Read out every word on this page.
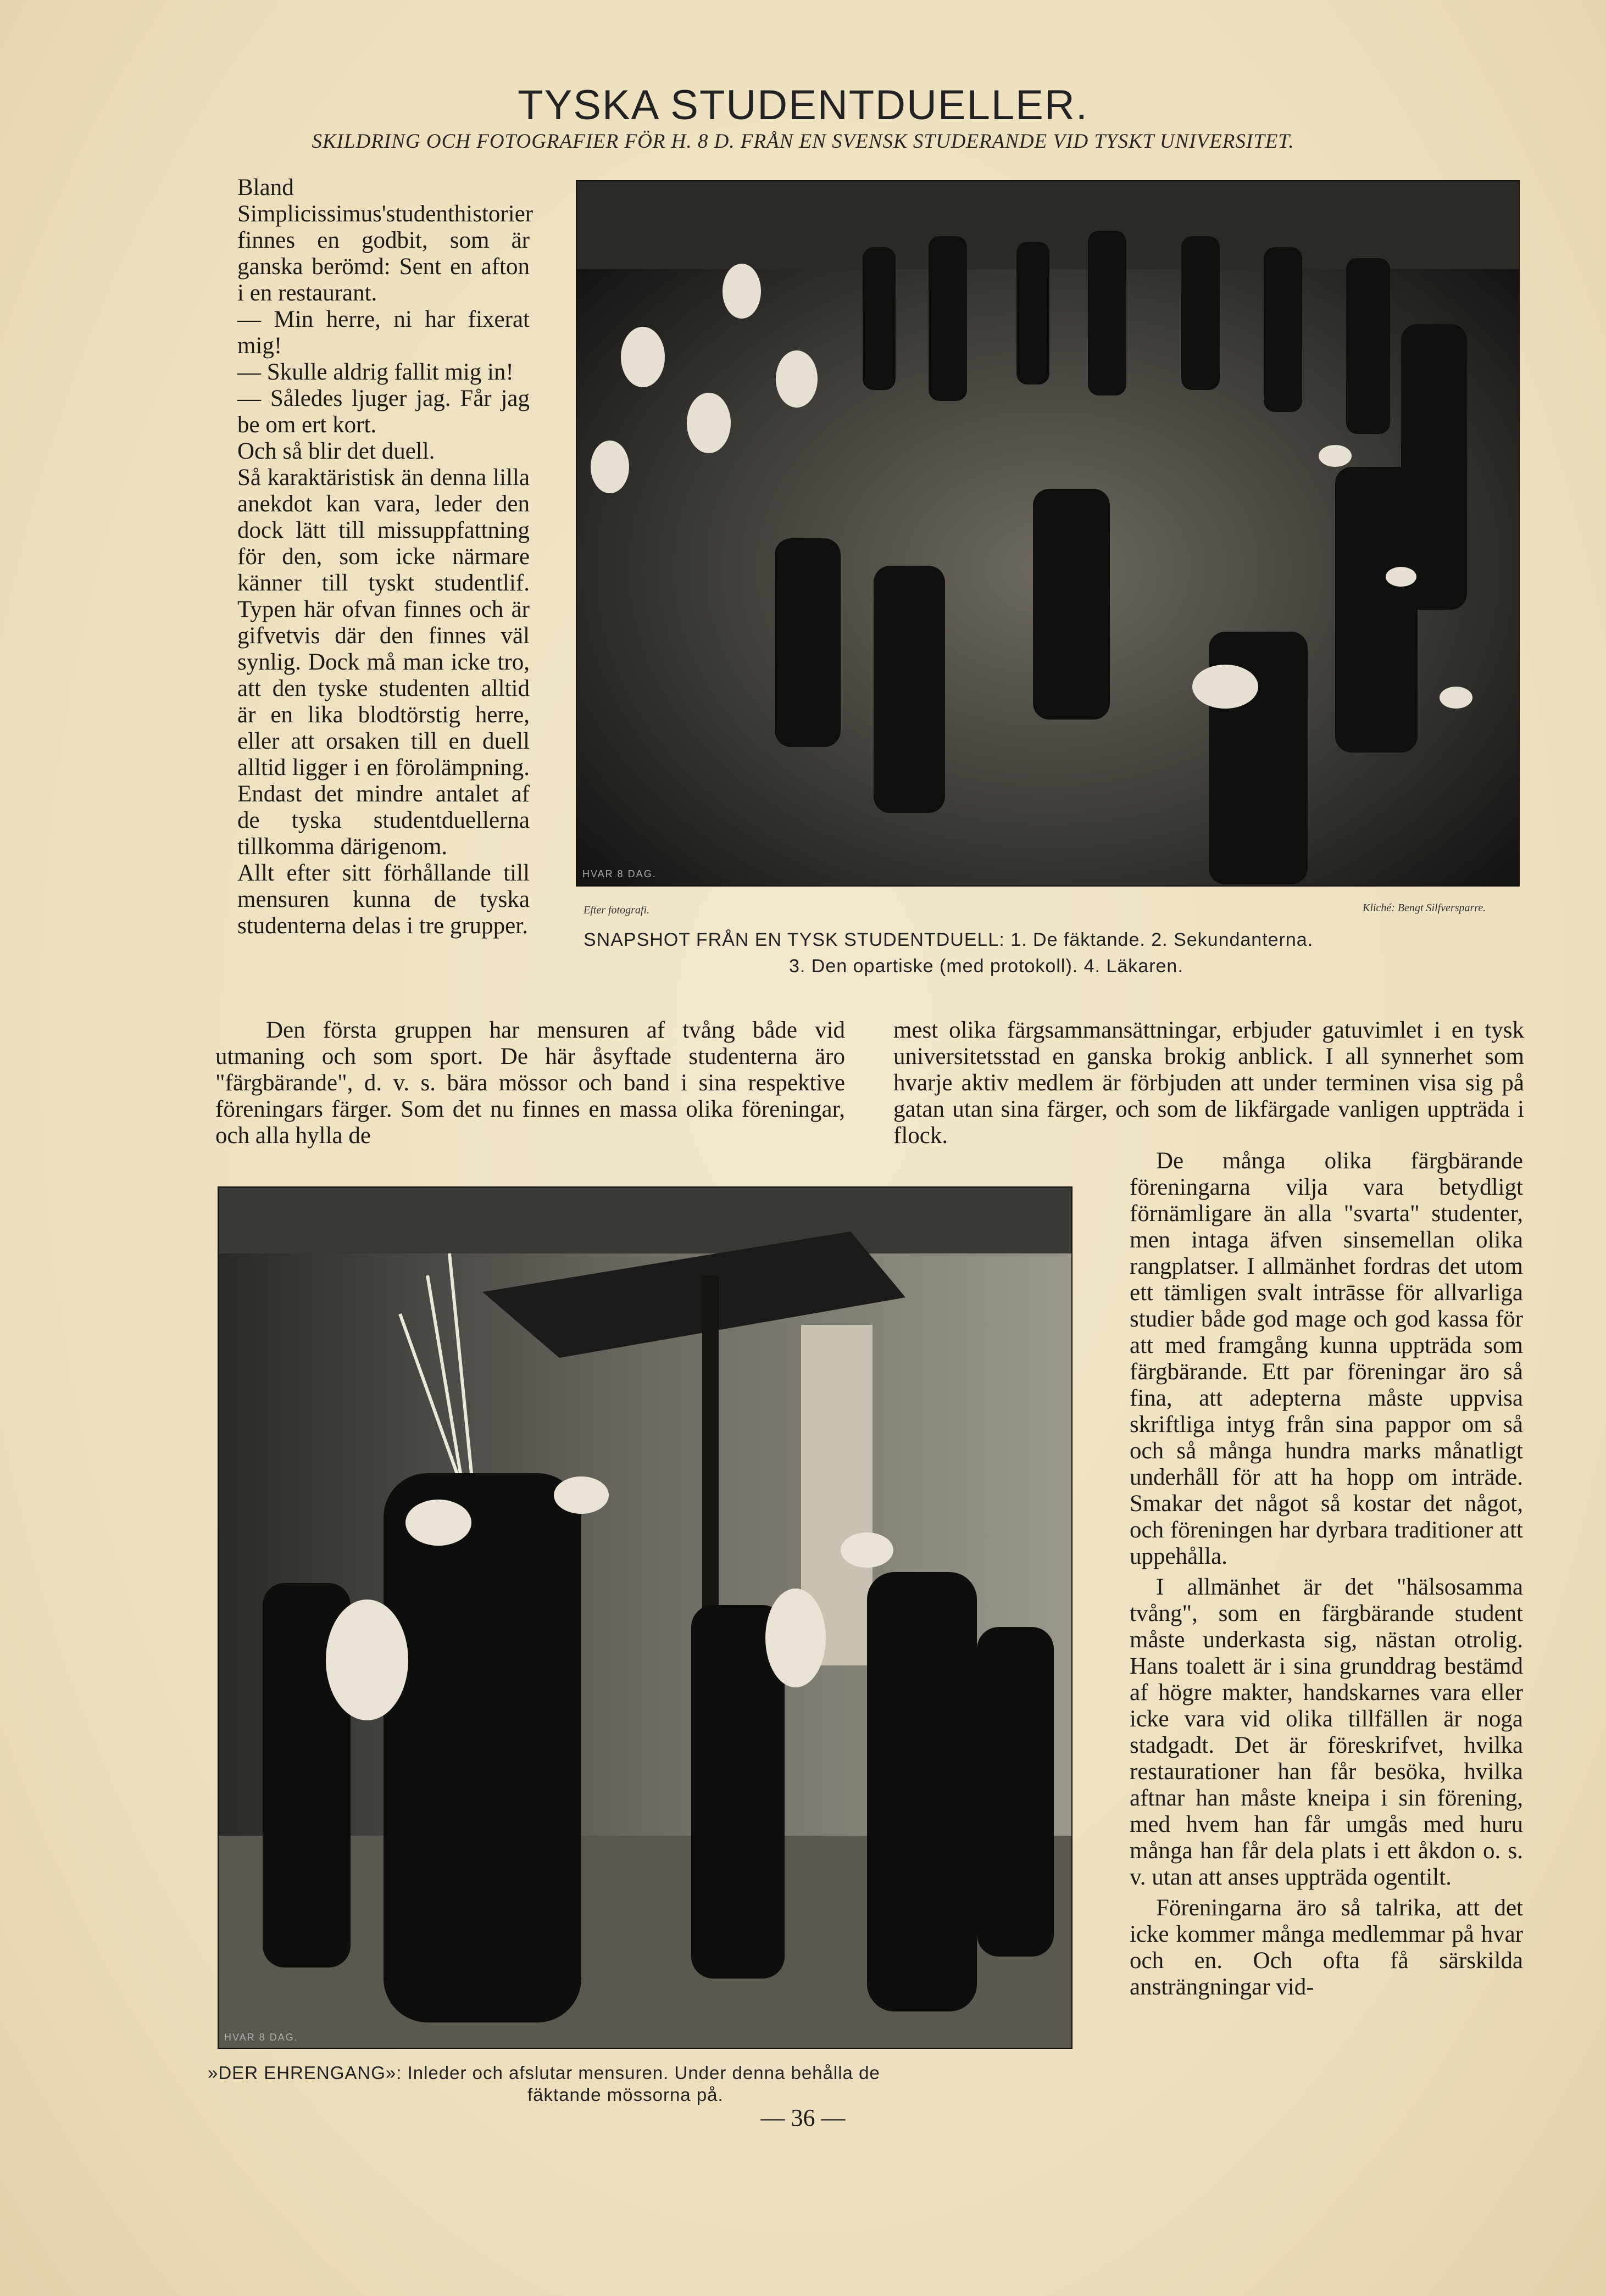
TYSKA STUDENTDUELLER.
SKILDRING OCH FOTOGRAFIER FÖR H. 8 D. FRÅN EN SVENSK STUDERANDE VID TYSKT UNIVERSITET.

Bland Simplicissimus'studenthistorier finnes en godbit, som är ganska berömd: Sent en afton i en restaurant.

— Min herre, ni har fixerat mig!

— Skulle aldrig fallit mig in!

— Således ljuger jag. Får jag be om ert kort.

Och så blir det duell.

Så karaktäristisk än denna lilla anekdot kan vara, leder den dock lätt till missuppfattning för den, som icke närmare känner till tyskt studentlif. Typen här ofvan finnes och är gifvetvis där den finnes väl synlig. Dock må man icke tro, att den tyske studenten alltid är en lika blodtörstig herre, eller att orsaken till en duell alltid ligger i en förolämpning. Endast det mindre antalet af de tyska studentduellerna tillkomma därigenom.

Allt efter sitt förhållande till mensuren kunna de tyska studenterna delas i tre grupper.

HVAR 8 DAG.
Efter fotografi.	Kliché: Bengt Silfversparre.
SNAPSHOT FRÅN EN TYSK STUDENTDUELL: 1. De fäktande. 2. Sekundanterna.
3. Den opartiske (med protokoll). 4. Läkaren.

Den första gruppen har mensuren af tvång både vid utmaning och som sport. De här åsyftade studenterna äro "färgbärande", d. v. s. bära mössor och band i sina respektive föreningars färger. Som det nu finnes en massa olika föreningar, och alla hylla de

mest olika färgsammansättningar, erbjuder gatuvimlet i en tysk universitetsstad en ganska brokig anblick. I all synnerhet som hvarje aktiv medlem är förbjuden att under terminen visa sig på gatan utan sina färger, och som de likfärgade vanligen uppträda i flock.

HVAR 8 DAG.
»DER EHRENGANG»: Inleder och afslutar mensuren. Under denna behålla de
fäktande mössorna på.

De många olika färgbärande föreningarna vilja vara betydligt förnämligare än alla "svarta" studenter, men intaga äfven sinsemellan olika rangplatser. I allmänhet fordras det utom ett tämligen svalt intrāsse för allvarliga studier både god mage och god kassa för att med framgång kunna uppträda som färgbärande. Ett par föreningar äro så fina, att adepterna måste uppvisa skriftliga intyg från sina pappor om så och så många hundra marks månatligt underhåll för att ha hopp om inträde. Smakar det något så kostar det något, och föreningen har dyrbara traditioner att uppehålla.

I allmänhet är det "hälsosamma tvång", som en färgbärande student måste underkasta sig, nästan otrolig. Hans toalett är i sina grunddrag bestämd af högre makter, handskarnes vara eller icke vara vid olika tillfällen är noga stadgadt. Det är föreskrifvet, hvilka restaurationer han får besöka, hvilka aftnar han måste kneipa i sin förening, med hvem han får umgås med huru många han får dela plats i ett åkdon o. s. v. utan att anses uppträda ogentilt.

Föreningarna äro så talrika, att det icke kommer många medlemmar på hvar och en. Och ofta få särskilda ansträngningar vid-

— 36 —
